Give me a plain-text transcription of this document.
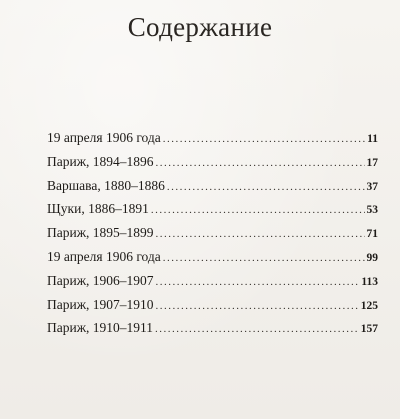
Содержание
19 апреля 1906 года .....	11
Париж, 1894–1896 .....	17
Варшава, 1880–1886 .....	37
Щуки, 1886–1891 .....	53
Париж, 1895–1899 .....	71
19 апреля 1906 года .....	99
Париж, 1906–1907 .....	113
Париж, 1907–1910 .....	125
Париж, 1910–1911 .....	157
